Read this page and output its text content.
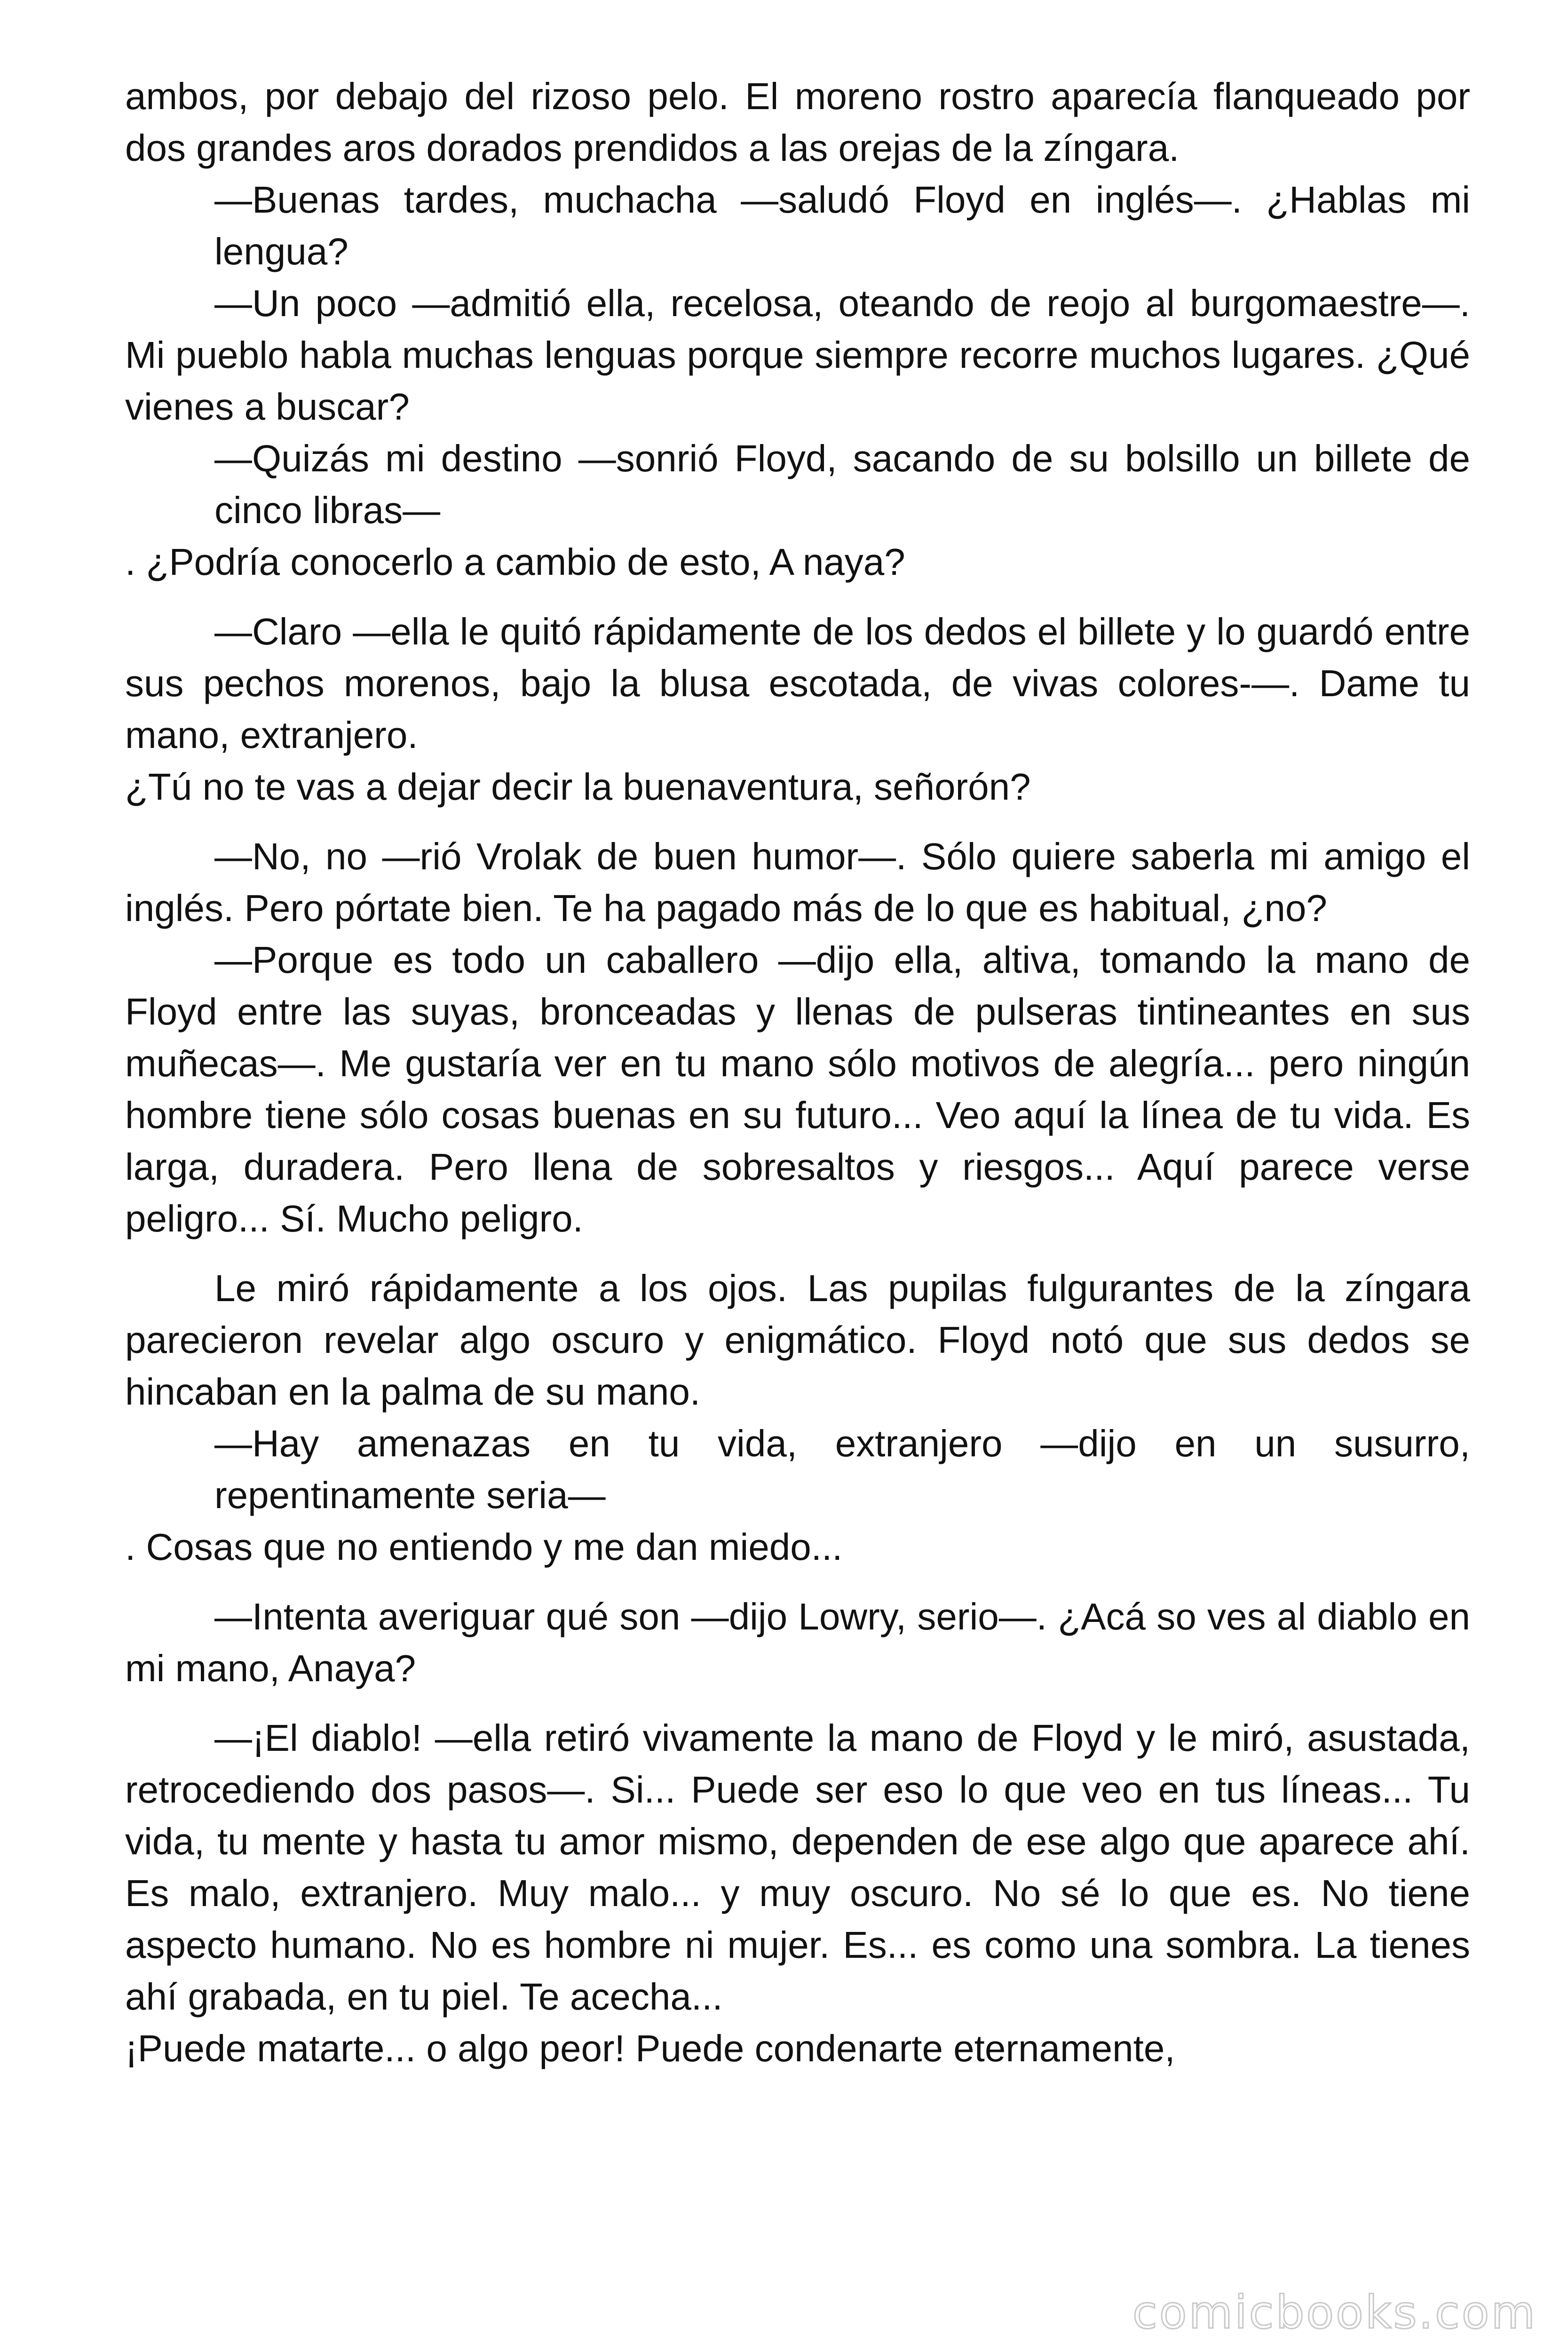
ambos, por debajo del rizoso pelo. El moreno rostro aparecía flanqueado por dos grandes aros dorados prendidos a las orejas de la zíngara.

—Buenas tardes, muchacha —saludó Floyd en inglés—. ¿Hablas mi lengua?

—Un poco —admitió ella, recelosa, oteando de reojo al burgomaestre—. Mi pueblo habla muchas lenguas porque siempre recorre muchos lugares. ¿Qué vienes a buscar?

—Quizás mi destino —sonrió Floyd, sacando de su bolsillo un billete de cinco libras—

. ¿Podría conocerlo a cambio de esto, A naya?

—Claro —ella le quitó rápidamente de los dedos el billete y lo guardó entre sus pechos morenos, bajo la blusa escotada, de vivas colores-—. Dame tu mano, extranjero.

¿Tú no te vas a dejar decir la buenaventura, señorón?

—No, no —rió Vrolak de buen humor—. Sólo quiere saberla mi amigo el inglés. Pero pórtate bien. Te ha pagado más de lo que es habitual, ¿no?

—Porque es todo un caballero —dijo ella, altiva, tomando la mano de Floyd entre las suyas, bronceadas y llenas de pulseras tintineantes en sus muñecas—. Me gustaría ver en tu mano sólo motivos de alegría... pero ningún hombre tiene sólo cosas buenas en su futuro... Veo aquí la línea de tu vida. Es larga, duradera. Pero llena de sobresaltos y riesgos... Aquí parece verse peligro... Sí. Mucho peligro.

Le miró rápidamente a los ojos. Las pupilas fulgurantes de la zíngara parecieron revelar algo oscuro y enigmático. Floyd notó que sus dedos se hincaban en la palma de su mano.

—Hay amenazas en tu vida, extranjero —dijo en un susurro, repentinamente seria—

. Cosas que no entiendo y me dan miedo...

—Intenta averiguar qué son —dijo Lowry, serio—. ¿Acá so ves al diablo en mi mano, Anaya?

—¡El diablo! —ella retiró vivamente la mano de Floyd y le miró, asustada, retrocediendo dos pasos—. Si... Puede ser eso lo que veo en tus líneas... Tu vida, tu mente y hasta tu amor mismo, dependen de ese algo que aparece ahí. Es malo, extranjero. Muy malo... y muy oscuro. No sé lo que es. No tiene aspecto humano. No es hombre ni mujer. Es... es como una sombra. La tienes ahí grabada, en tu piel. Te acecha...

¡Puede matarte... o algo peor! Puede condenarte eternamente,

comicbooks.com
